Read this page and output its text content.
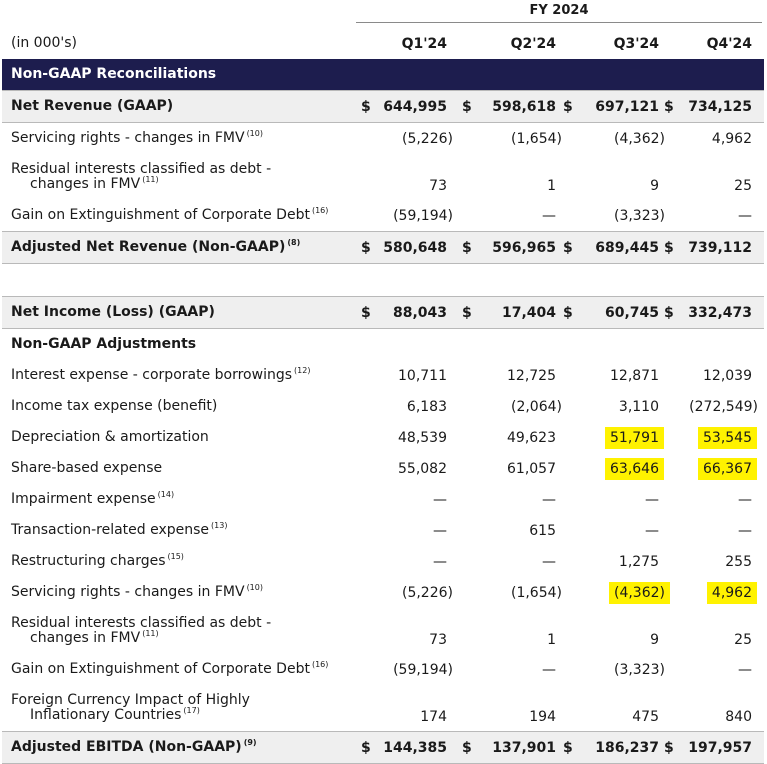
FY 2024
(in 000's)	Q1'24	Q2'24	Q3'24	Q4'24
Non-GAAP Reconciliations
Net Revenue (GAAP)	$ 644,995 $	598,618 $	697,121 $	734,125
Servicing rights - changes in FMV $^{(10)}$	(5,226)	(1,654)	(4,362)	4,962
Residual interests classified as debt -
changes in FMV $^{(11)}$	73	1	9	25
Gain on Extinguishment of Corporate Debt $^{(16)}$	(59,194)	—	(3,323)	—
Adjusted Net Revenue (Non-GAAP) $^{(8)}$	$ 580,648 $	596,965 $	689,445 $	739,112
Net Income (Loss) (GAAP)	$	88,043 $	17,404 $	60,745 $	332,473
Non-GAAP Adjustments
Interest expense - corporate borrowings $^{(12)}$	10,711	12,725	12,871	12,039
Income tax expense (benefit)	6,183	(2,064)	3,110	(272,549)
Depreciation & amortization	48,539	49,623	51,791	53,545
Share-based expense	55,082	61,057	63,646	66,367
Impairment expense $^{(14)}$	—	—	—	—
Transaction-related expense $^{(13)}$	—	615	—	—
Restructuring charges $^{(15)}$	—	—	1,275	255
Servicing rights - changes in FMV $^{(10)}$	(5,226)	(1,654)	(4,362)	4,962
Residual interests classified as debt -
changes in FMV $^{(11)}$	73	1	9	25
Gain on Extinguishment of Corporate Debt $^{(16)}$	(59,194)	—	(3,323)	—
Foreign Currency Impact of Highly
Inflationary Countries $^{(17)}$	174	194	475	840
Adjusted EBITDA (Non-GAAP) $^{(9)}$	$ 144,385 $	137,901 $	186,237 $	197,957
